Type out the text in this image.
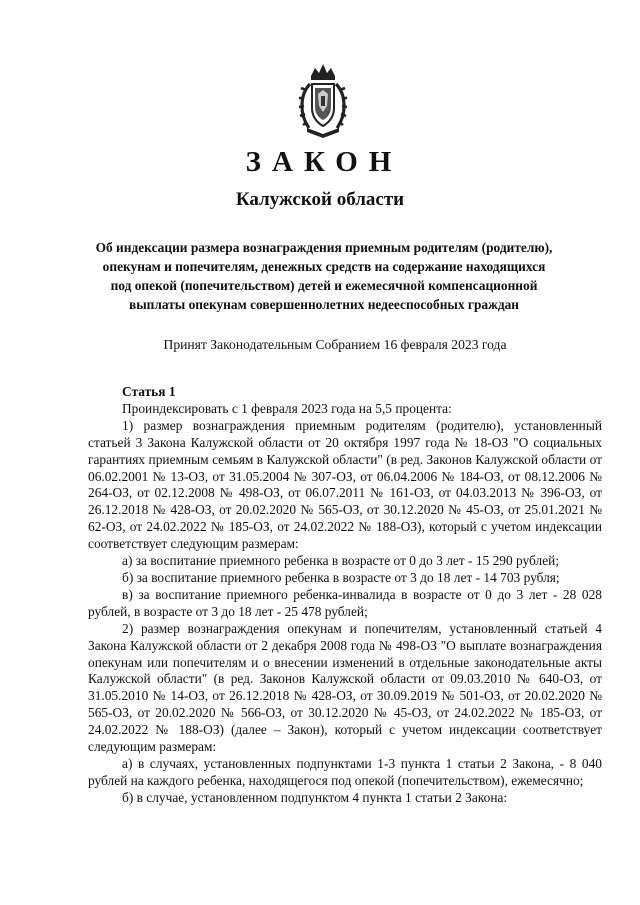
ЗАКОН
Калужской области
Об индексации размера вознаграждения приемным родителям (родителю),
опекунам и попечителям, денежных средств на содержание находящихся
под опекой (попечительством) детей и ежемесячной компенсационной
выплаты опекунам совершеннолетних недееспособных граждан
Принят Законодательным Собранием 16 февраля 2023 года
Статья 1

Проиндексировать с 1 февраля 2023 года на 5,5 процента:

1) размер вознаграждения приемным родителям (родителю), установленный статьей 3 Закона Калужской области от 20 октября 1997 года № 18-ОЗ "О социальных гарантиях приемным семьям в Калужской области" (в ред. Законов Калужской области от 06.02.2001 № 13-ОЗ, от 31.05.2004 № 307-ОЗ, от 06.04.2006 № 184-ОЗ, от 08.12.2006 № 264-ОЗ, от 02.12.2008 № 498-ОЗ, от 06.07.2011 № 161-ОЗ, от 04.03.2013 № 396-ОЗ, от 26.12.2018 № 428-ОЗ, от 20.02.2020 № 565-ОЗ, от 30.12.2020 № 45-ОЗ, от 25.01.2021 № 62-ОЗ, от 24.02.2022 № 185-ОЗ, от 24.02.2022 № 188-ОЗ), который с учетом индексации соответствует следующим размерам:

а) за воспитание приемного ребенка в возрасте от 0 до 3 лет - 15 290 рублей;

б) за воспитание приемного ребенка в возрасте от 3 до 18 лет - 14 703 рубля;

в) за воспитание приемного ребенка-инвалида в возрасте от 0 до 3 лет - 28 028 рублей, в возрасте от 3 до 18 лет - 25 478 рублей;

2) размер вознаграждения опекунам и попечителям, установленный статьей 4 Закона Калужской области от 2 декабря 2008 года № 498-ОЗ "О выплате вознаграждения опекунам или попечителям и о внесении изменений в отдельные законодательные акты Калужской области" (в ред. Законов Калужской области от 09.03.2010 № 640-ОЗ, от 31.05.2010 № 14-ОЗ, от 26.12.2018 № 428-ОЗ, от 30.09.2019 № 501-ОЗ, от 20.02.2020 № 565-ОЗ, от 20.02.2020 № 566-ОЗ, от 30.12.2020 № 45-ОЗ, от 24.02.2022 № 185-ОЗ, от 24.02.2022 № 188-ОЗ) (далее – Закон), который с учетом индексации соответствует следующим размерам:

а) в случаях, установленных подпунктами 1-3 пункта 1 статьи 2 Закона, - 8 040 рублей на каждого ребенка, находящегося под опекой (попечительством), ежемесячно;

б) в случае, установленном подпунктом 4 пункта 1 статьи 2 Закона:
